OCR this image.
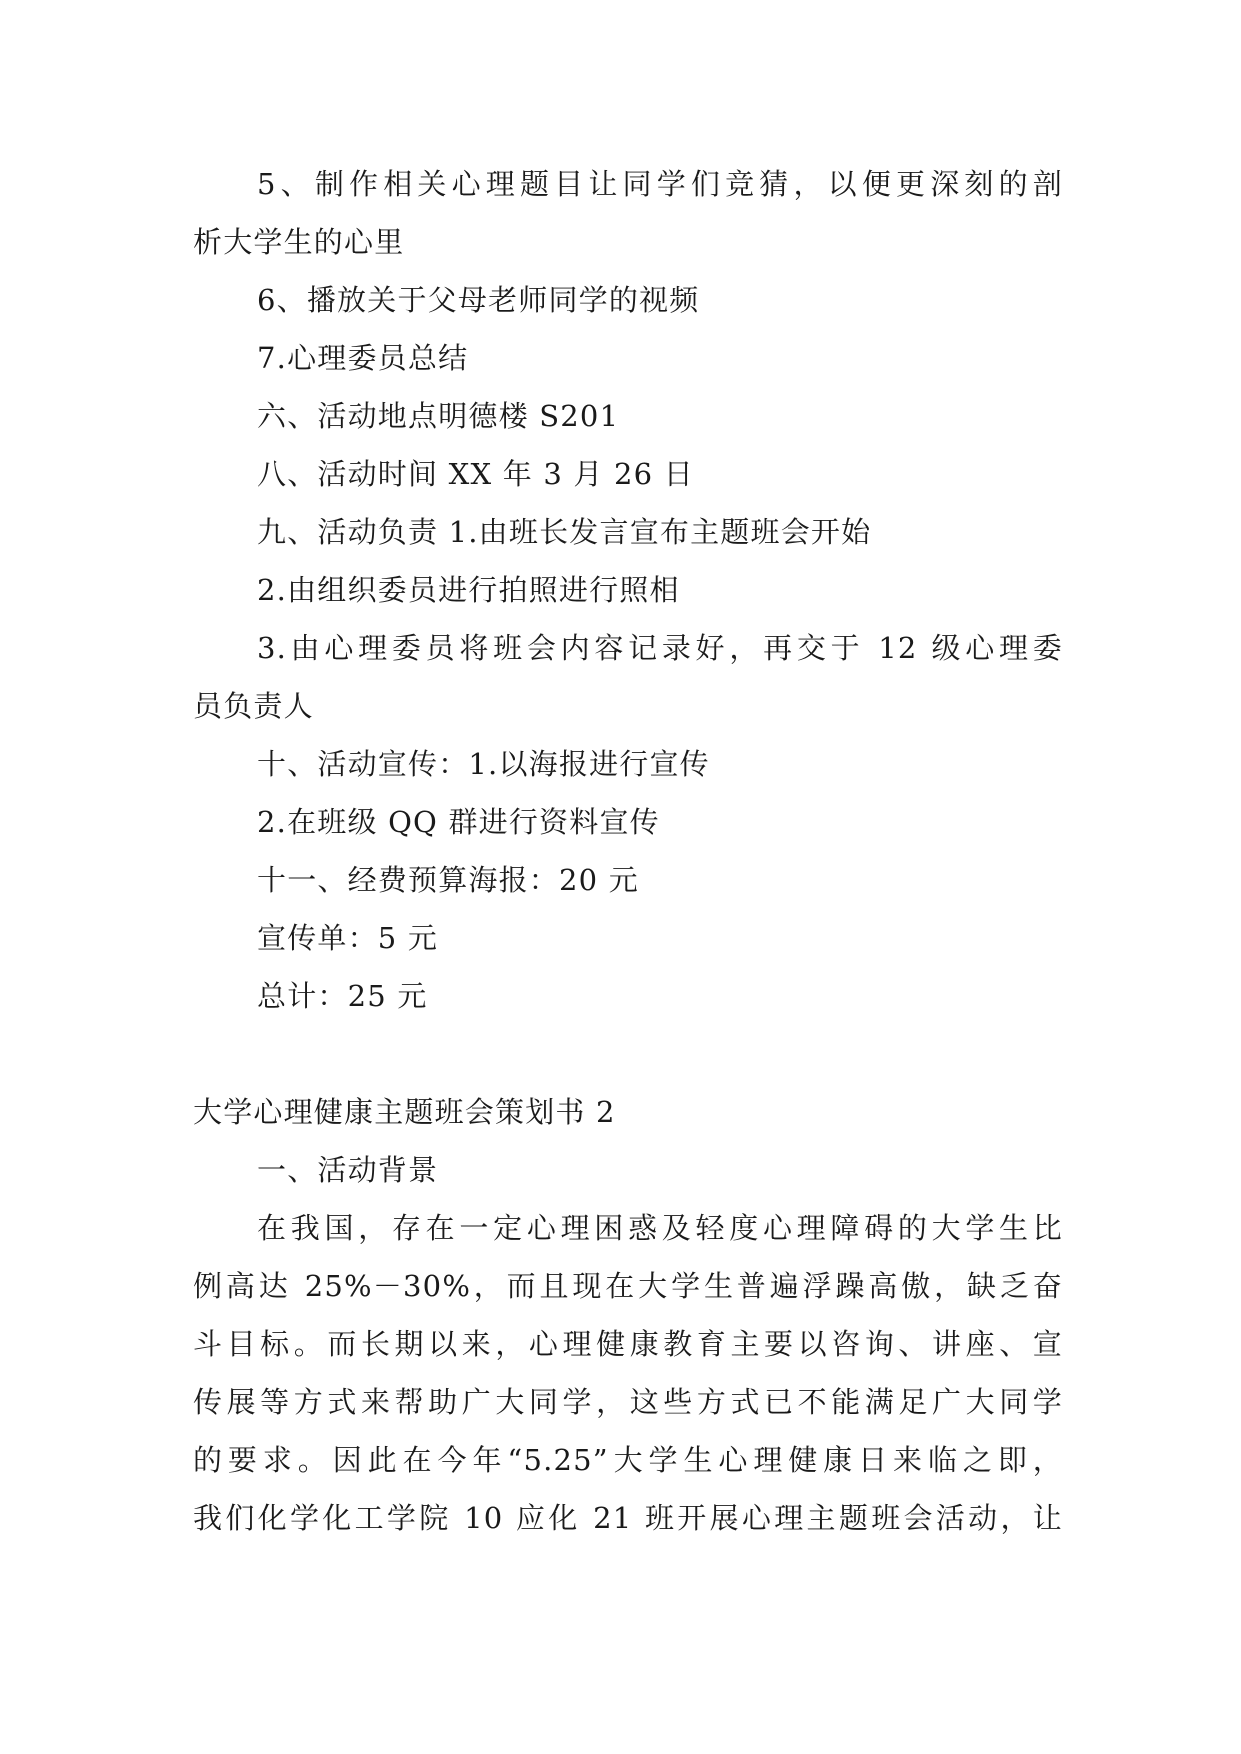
5、制作相关心理题目让同学们竞猜，以便更深刻的剖
析大学生的心里
6、播放关于父母老师同学的视频
7.心理委员总结
六、活动地点明德楼 S201
八、活动时间 XX 年 3 月 26 日
九、活动负责 1.由班长发言宣布主题班会开始
2.由组织委员进行拍照进行照相
3.由心理委员将班会内容记录好，再交于 12 级心理委
员负责人
十、活动宣传：1.以海报进行宣传
2.在班级 QQ 群进行资料宣传
十一、经费预算海报：20 元
宣传单：5 元
总计：25 元
大学心理健康主题班会策划书 2
一、活动背景
在我国，存在一定心理困惑及轻度心理障碍的大学生比
例高达 25%－30%，而且现在大学生普遍浮躁高傲，缺乏奋
斗目标。而长期以来，心理健康教育主要以咨询、讲座、宣
传展等方式来帮助广大同学，这些方式已不能满足广大同学
的要求。因此在今年“5.25”大学生心理健康日来临之即，
我们化学化工学院 10 应化 21 班开展心理主题班会活动，让
